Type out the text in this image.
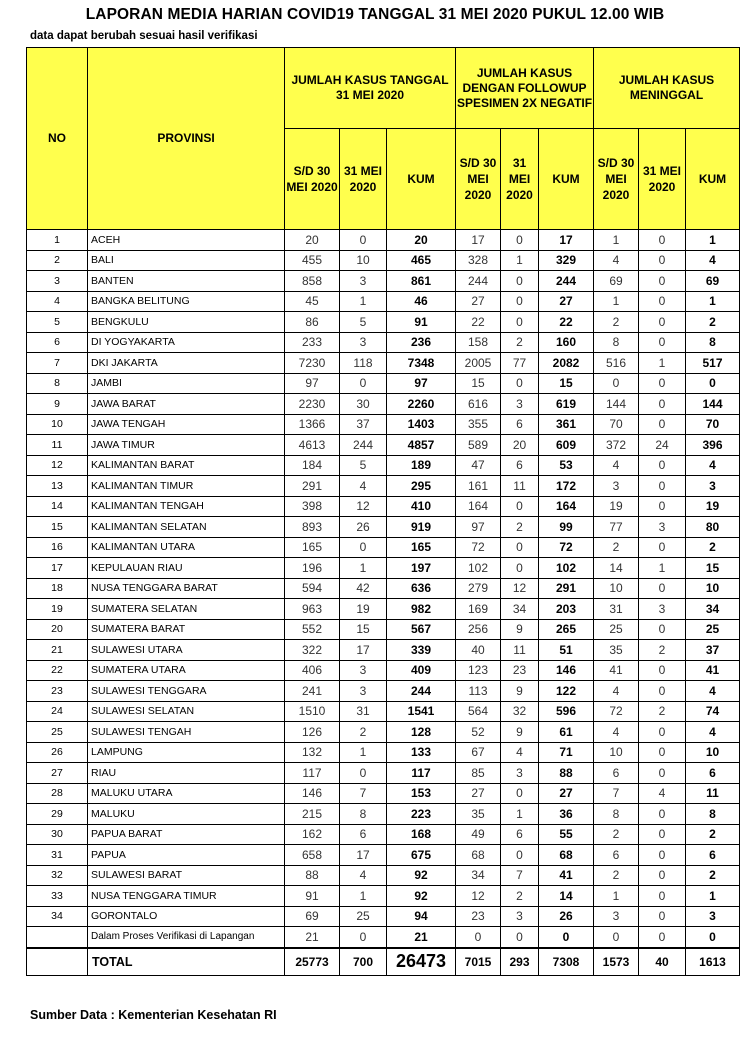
LAPORAN MEDIA HARIAN COVID19 TANGGAL 31 MEI 2020 PUKUL 12.00 WIB
data dapat berubah sesuai hasil verifikasi
NO	PROVINSI	JUMLAH KASUS TANGGAL 31 MEI 2020			JUMLAH KASUS DENGAN FOLLOWUP SPESIMEN 2X NEGATIF			JUMLAH KASUS MENINGGAL		
		S/D 30 MEI 2020	31 MEI 2020	KUM	S/D 30 MEI 2020	31 MEI 2020	KUM	S/D 30 MEI 2020	31 MEI 2020	KUM
1	ACEH	20	0	20	17	0	17	1	0	1
2	BALI	455	10	465	328	1	329	4	0	4
3	BANTEN	858	3	861	244	0	244	69	0	69
4	BANGKA BELITUNG	45	1	46	27	0	27	1	0	1
5	BENGKULU	86	5	91	22	0	22	2	0	2
6	DI YOGYAKARTA	233	3	236	158	2	160	8	0	8
7	DKI JAKARTA	7230	118	7348	2005	77	2082	516	1	517
8	JAMBI	97	0	97	15	0	15	0	0	0
9	JAWA BARAT	2230	30	2260	616	3	619	144	0	144
10	JAWA TENGAH	1366	37	1403	355	6	361	70	0	70
11	JAWA TIMUR	4613	244	4857	589	20	609	372	24	396
12	KALIMANTAN BARAT	184	5	189	47	6	53	4	0	4
13	KALIMANTAN TIMUR	291	4	295	161	11	172	3	0	3
14	KALIMANTAN TENGAH	398	12	410	164	0	164	19	0	19
15	KALIMANTAN SELATAN	893	26	919	97	2	99	77	3	80
16	KALIMANTAN UTARA	165	0	165	72	0	72	2	0	2
17	KEPULAUAN RIAU	196	1	197	102	0	102	14	1	15
18	NUSA TENGGARA BARAT	594	42	636	279	12	291	10	0	10
19	SUMATERA SELATAN	963	19	982	169	34	203	31	3	34
20	SUMATERA BARAT	552	15	567	256	9	265	25	0	25
21	SULAWESI UTARA	322	17	339	40	11	51	35	2	37
22	SUMATERA UTARA	406	3	409	123	23	146	41	0	41
23	SULAWESI TENGGARA	241	3	244	113	9	122	4	0	4
24	SULAWESI SELATAN	1510	31	1541	564	32	596	72	2	74
25	SULAWESI TENGAH	126	2	128	52	9	61	4	0	4
26	LAMPUNG	132	1	133	67	4	71	10	0	10
27	RIAU	117	0	117	85	3	88	6	0	6
28	MALUKU UTARA	146	7	153	27	0	27	7	4	11
29	MALUKU	215	8	223	35	1	36	8	0	8
30	PAPUA BARAT	162	6	168	49	6	55	2	0	2
31	PAPUA	658	17	675	68	0	68	6	0	6
32	SULAWESI BARAT	88	4	92	34	7	41	2	0	2
33	NUSA TENGGARA TIMUR	91	1	92	12	2	14	1	0	1
34	GORONTALO	69	25	94	23	3	26	3	0	3
	Dalam Proses Verifikasi di Lapangan	21	0	21	0	0	0	0	0	0
	TOTAL	25773	700	26473	7015	293	7308	1573	40	1613
Sumber Data : Kementerian Kesehatan RI
